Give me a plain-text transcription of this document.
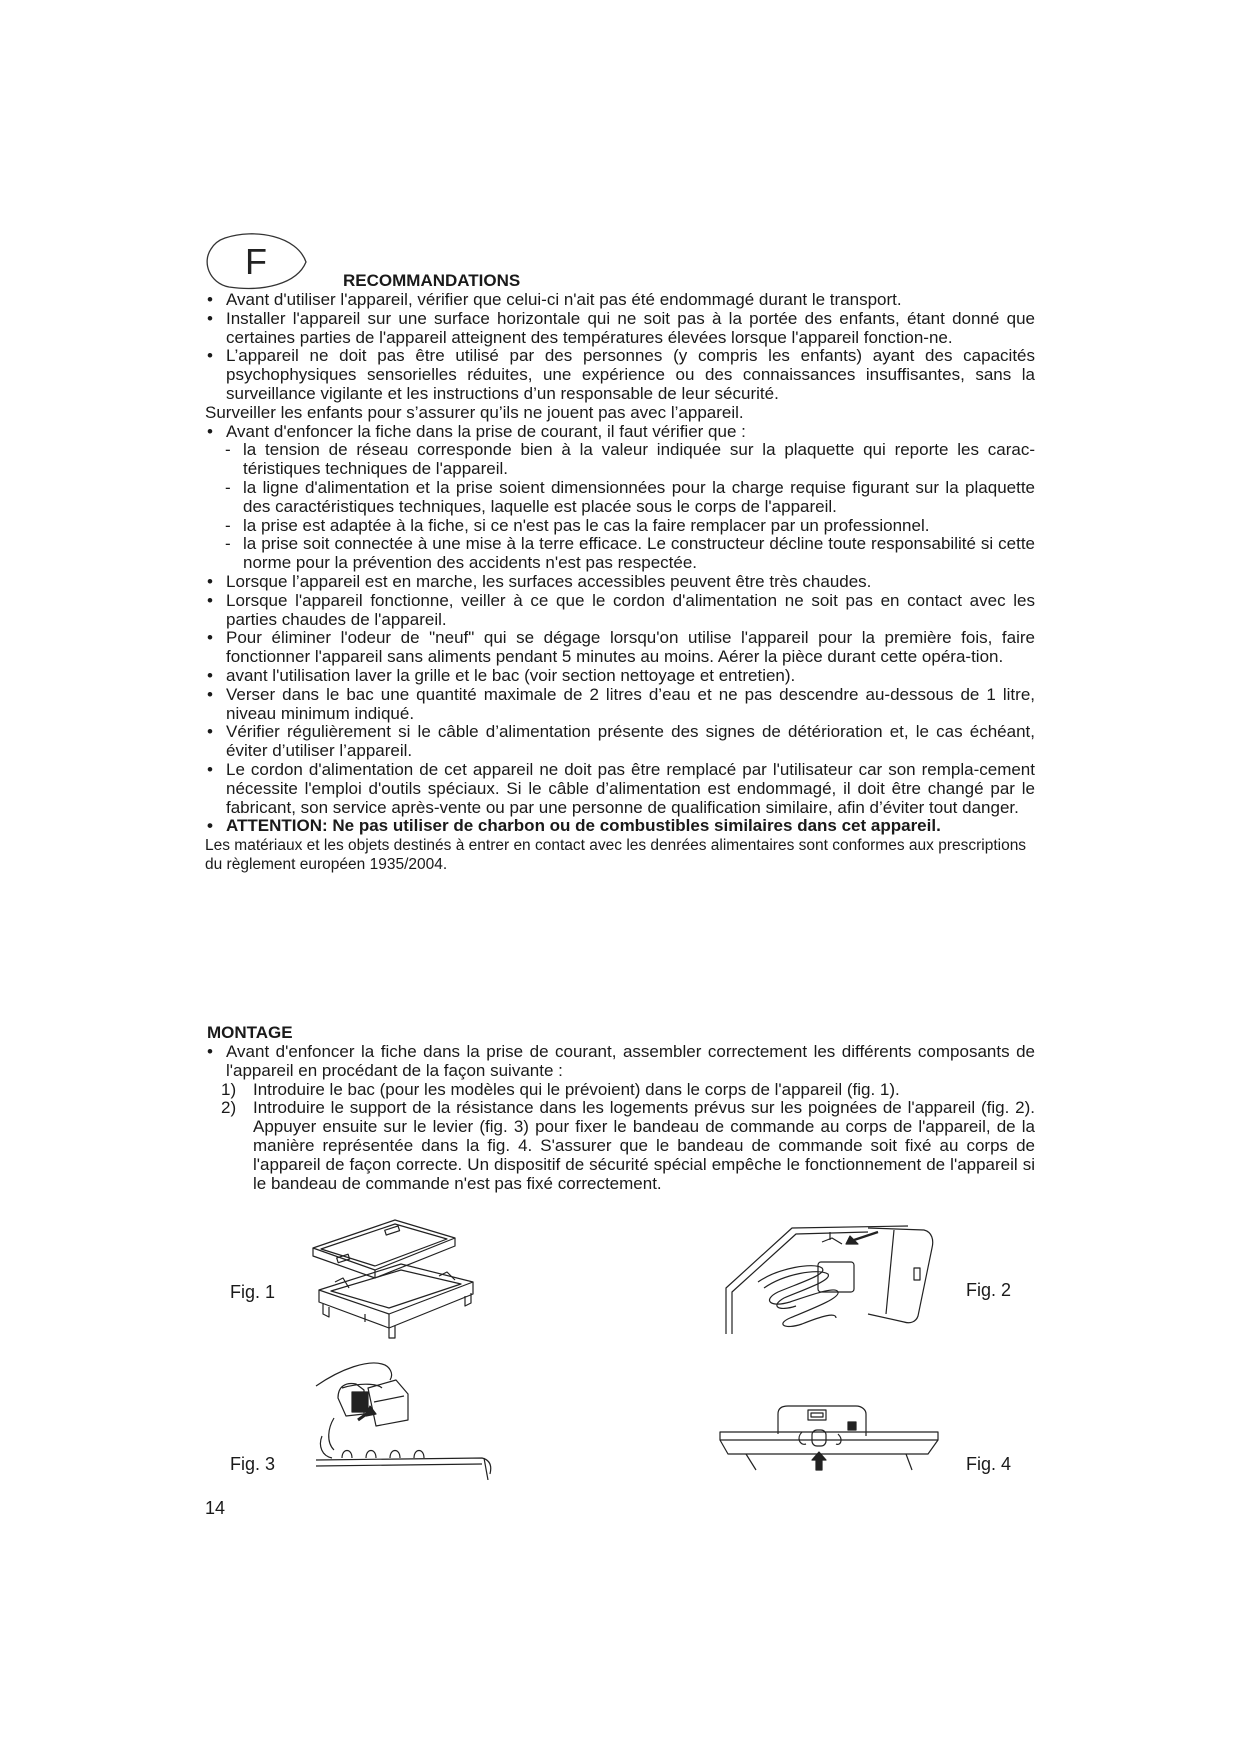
F	RECOMMANDATIONS
• Avant d'utiliser l'appareil, vérifier que celui-ci n'ait pas été endommagé durant le transport.
• Installer l'appareil sur une surface horizontale qui ne soit pas à la portée des enfants, étant donné que certaines parties de l'appareil atteignent des températures élevées lorsque l'appareil fonction-ne.
• L’appareil ne doit pas être utilisé par des personnes (y compris les enfants) ayant des capacités psychophysiques sensorielles réduites, une expérience ou des connaissances insuffisantes, sans la surveillance vigilante et les instructions d’un responsable de leur sécurité.
Surveiller les enfants pour s’assurer qu’ils ne jouent pas avec l’appareil.
• Avant d'enfoncer la fiche dans la prise de courant, il faut vérifier que :
- la tension de réseau corresponde bien à la valeur indiquée sur la plaquette qui reporte les carac-téristiques techniques de l'appareil.
- la ligne d'alimentation et la prise soient dimensionnées pour la charge requise figurant sur la plaquette des caractéristiques techniques, laquelle est placée sous le corps de l'appareil.
- la prise est adaptée à la fiche, si ce n'est pas le cas la faire remplacer par un professionnel.
- la prise soit connectée à une mise à la terre efficace. Le constructeur décline toute responsabilité si cette norme pour la prévention des accidents n'est pas respectée.
• Lorsque l’appareil est en marche, les surfaces accessibles peuvent être très chaudes.
• Lorsque l'appareil fonctionne, veiller à ce que le cordon d'alimentation ne soit pas en contact avec les parties chaudes de l'appareil.
• Pour éliminer l'odeur de "neuf" qui se dégage lorsqu'on utilise l'appareil pour la première fois, faire fonctionner l'appareil sans aliments pendant 5 minutes au moins. Aérer la pièce durant cette opéra-tion.
• avant l'utilisation laver la grille et le bac (voir section nettoyage et entretien).
• Verser dans le bac une quantité maximale de 2 litres d’eau et ne pas descendre au-dessous de 1 litre, niveau minimum indiqué.
• Vérifier régulièrement si le câble d’alimentation présente des signes de détérioration et, le cas échéant, éviter d’utiliser l’appareil.
• Le cordon d'alimentation de cet appareil ne doit pas être remplacé par l'utilisateur car son rempla-cement nécessite l'emploi d'outils spéciaux. Si le câble d’alimentation est endommagé, il doit être changé par le fabricant, son service après-vente ou par une personne de qualification similaire, afin d’éviter tout danger.
• ATTENTION: Ne pas utiliser de charbon ou de combustibles similaires dans cet appareil.
Les matériaux et les objets destinés à entrer en contact avec les denrées alimentaires sont conformes aux prescriptions du règlement européen 1935/2004.
MONTAGE
• Avant d'enfoncer la fiche dans la prise de courant, assembler correctement les différents composants de l'appareil en procédant de la façon suivante :
1) Introduire le bac (pour les modèles qui le prévoient) dans le corps de l'appareil (fig. 1).
2) Introduire le support de la résistance dans les logements prévus sur les poignées de l'appareil (fig. 2). Appuyer ensuite sur le levier (fig. 3) pour fixer le bandeau de commande au corps de l'appareil, de la manière représentée dans la fig. 4. S'assurer que le bandeau de commande soit fixé au corps de l'appareil de façon correcte. Un dispositif de sécurité spécial empêche le fonctionnement de l'appareil si le bandeau de commande n'est pas fixé correctement.
Fig. 1	Fig. 2
Fig. 3	Fig. 4
14
